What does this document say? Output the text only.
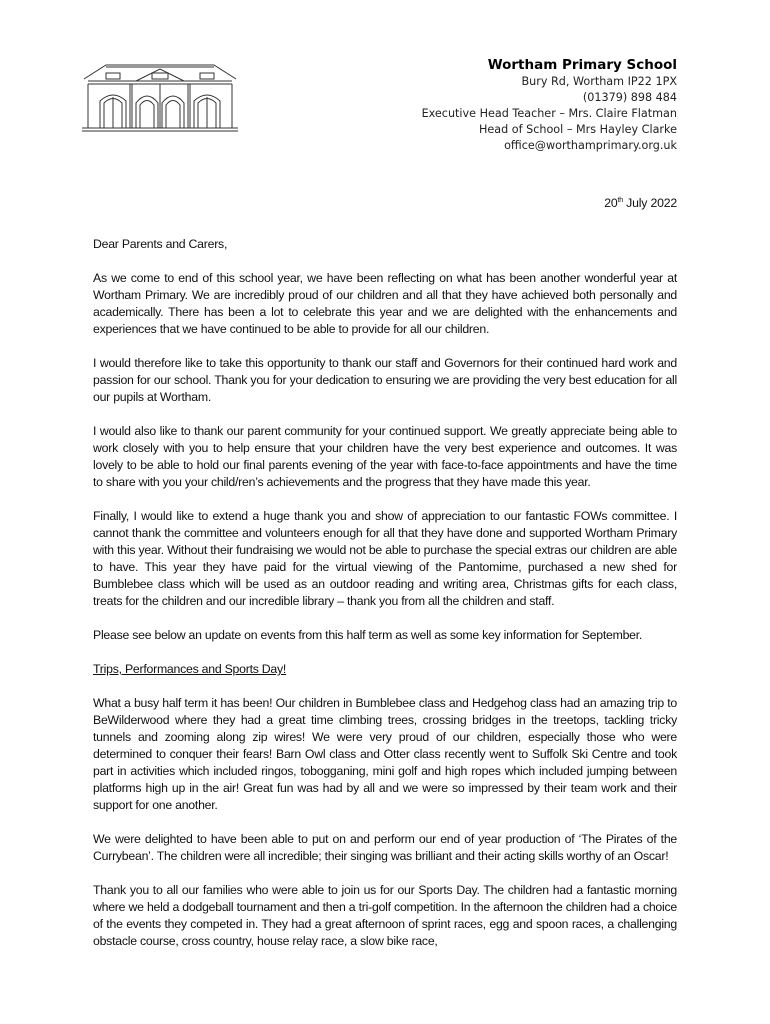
Wortham Primary School
Bury Rd, Wortham IP22 1PX
(01379) 898 484
Executive Head Teacher – Mrs. Claire Flatman
Head of School – Mrs Hayley Clarke
office@worthamprimary.org.uk
20th July 2022

Dear Parents and Carers,

As we come to end of this school year, we have been reflecting on what has been another wonderful year at Wortham Primary. We are incredibly proud of our children and all that they have achieved both personally and academically. There has been a lot to celebrate this year and we are delighted with the enhancements and experiences that we have continued to be able to provide for all our children.

I would therefore like to take this opportunity to thank our staff and Governors for their continued hard work and passion for our school. Thank you for your dedication to ensuring we are providing the very best education for all our pupils at Wortham.

I would also like to thank our parent community for your continued support. We greatly appreciate being able to work closely with you to help ensure that your children have the very best experience and outcomes. It was lovely to be able to hold our final parents evening of the year with face-to-face appointments and have the time to share with you your child/ren’s achievements and the progress that they have made this year.

Finally, I would like to extend a huge thank you and show of appreciation to our fantastic FOWs committee. I cannot thank the committee and volunteers enough for all that they have done and supported Wortham Primary with this year. Without their fundraising we would not be able to purchase the special extras our children are able to have. This year they have paid for the virtual viewing of the Pantomime, purchased a new shed for Bumblebee class which will be used as an outdoor reading and writing area, Christmas gifts for each class, treats for the children and our incredible library – thank you from all the children and staff.

Please see below an update on events from this half term as well as some key information for September.

Trips, Performances and Sports Day!

What a busy half term it has been! Our children in Bumblebee class and Hedgehog class had an amazing trip to BeWilderwood where they had a great time climbing trees, crossing bridges in the treetops, tackling tricky tunnels and zooming along zip wires! We were very proud of our children, especially those who were determined to conquer their fears! Barn Owl class and Otter class recently went to Suffolk Ski Centre and took part in activities which included ringos, tobogganing, mini golf and high ropes which included jumping between platforms high up in the air! Great fun was had by all and we were so impressed by their team work and their support for one another.

We were delighted to have been able to put on and perform our end of year production of ‘The Pirates of the Currybean’. The children were all incredible; their singing was brilliant and their acting skills worthy of an Oscar!

Thank you to all our families who were able to join us for our Sports Day. The children had a fantastic morning where we held a dodgeball tournament and then a tri-golf competition. In the afternoon the children had a choice of the events they competed in. They had a great afternoon of sprint races, egg and spoon races, a challenging obstacle course, cross country, house relay race, a slow bike race,
